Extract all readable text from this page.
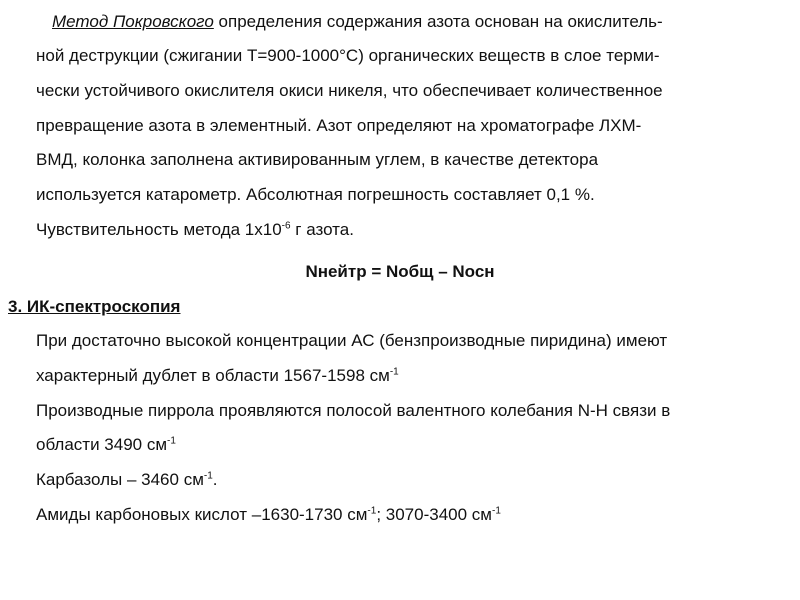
Метод Покровского определения содержания азота основан на окислитель-
ной деструкции (сжигании Т=900-1000°С) органических веществ в слое терми-
чески устойчивого окислителя окиси никеля, что обеспечивает количественное
превращение азота в элементный. Азот определяют на хроматографе ЛХМ-
ВМД, колонка заполнена активированным углем, в качестве детектора
используется катарометр. Абсолютная погрешность составляет 0,1 %.
Чувствительность метода $1x10^{-6}$ г азота.
Nнейтр = Nобщ – Nосн
3. ИК-спектроскопия
При достаточно высокой концентрации АС (бензпроизводные пиридина) имеют
характерный дублет в области 1567-1598 $см^{-1}$
Производные пиррола проявляются полосой валентного колебания N-H связи в
области 3490 $см^{-1}$
Карбазолы – 3460 $см^{-1}$.
Амиды карбоновых кислот –1630-1730 $см^{-1}$; 3070-3400 $см^{-1}$
